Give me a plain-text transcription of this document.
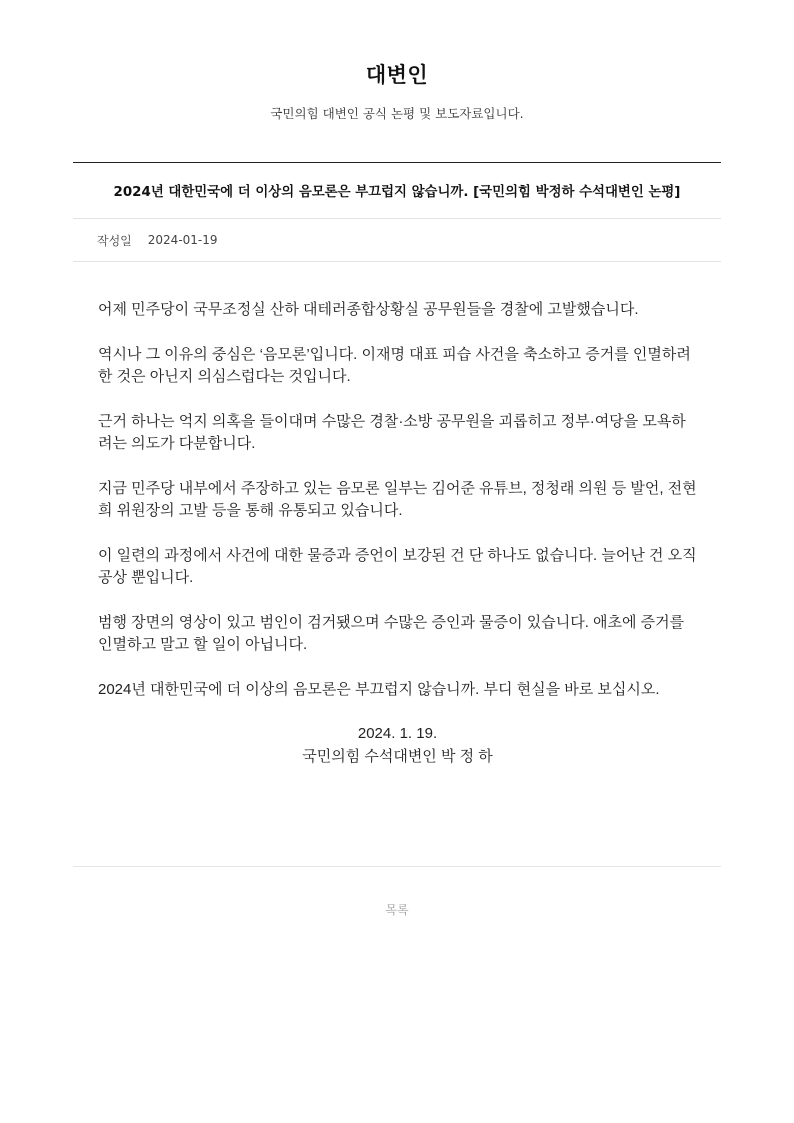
대변인
국민의힘 대변인 공식 논평 및 보도자료입니다.
2024년 대한민국에 더 이상의 음모론은 부끄럽지 않습니까. [국민의힘 박정하 수석대변인 논평]
작성일 2024-01-19

어제 민주당이 국무조정실 산하 대테러종합상황실 공무원들을 경찰에 고발했습니다.

역시나 그 이유의 중심은 ‘음모론’입니다. 이재명 대표 피습 사건을 축소하고 증거를 인멸하려 한 것은 아닌지 의심스럽다는 것입니다.

근거 하나는 억지 의혹을 들이대며 수많은 경찰·소방 공무원을 괴롭히고 정부·여당을 모욕하려는 의도가 다분합니다.

지금 민주당 내부에서 주장하고 있는 음모론 일부는 김어준 유튜브, 정청래 의원 등 발언, 전현희 위원장의 고발 등을 통해 유통되고 있습니다.

이 일련의 과정에서 사건에 대한 물증과 증언이 보강된 건 단 하나도 없습니다. 늘어난 건 오직 공상 뿐입니다.

범행 장면의 영상이 있고 범인이 검거됐으며 수많은 증인과 물증이 있습니다. 애초에 증거를 인멸하고 말고 할 일이 아닙니다.

2024년 대한민국에 더 이상의 음모론은 부끄럽지 않습니까. 부디 현실을 바로 보십시오.

2024. 1. 19.
국민의힘 수석대변인 박 정 하
목록
